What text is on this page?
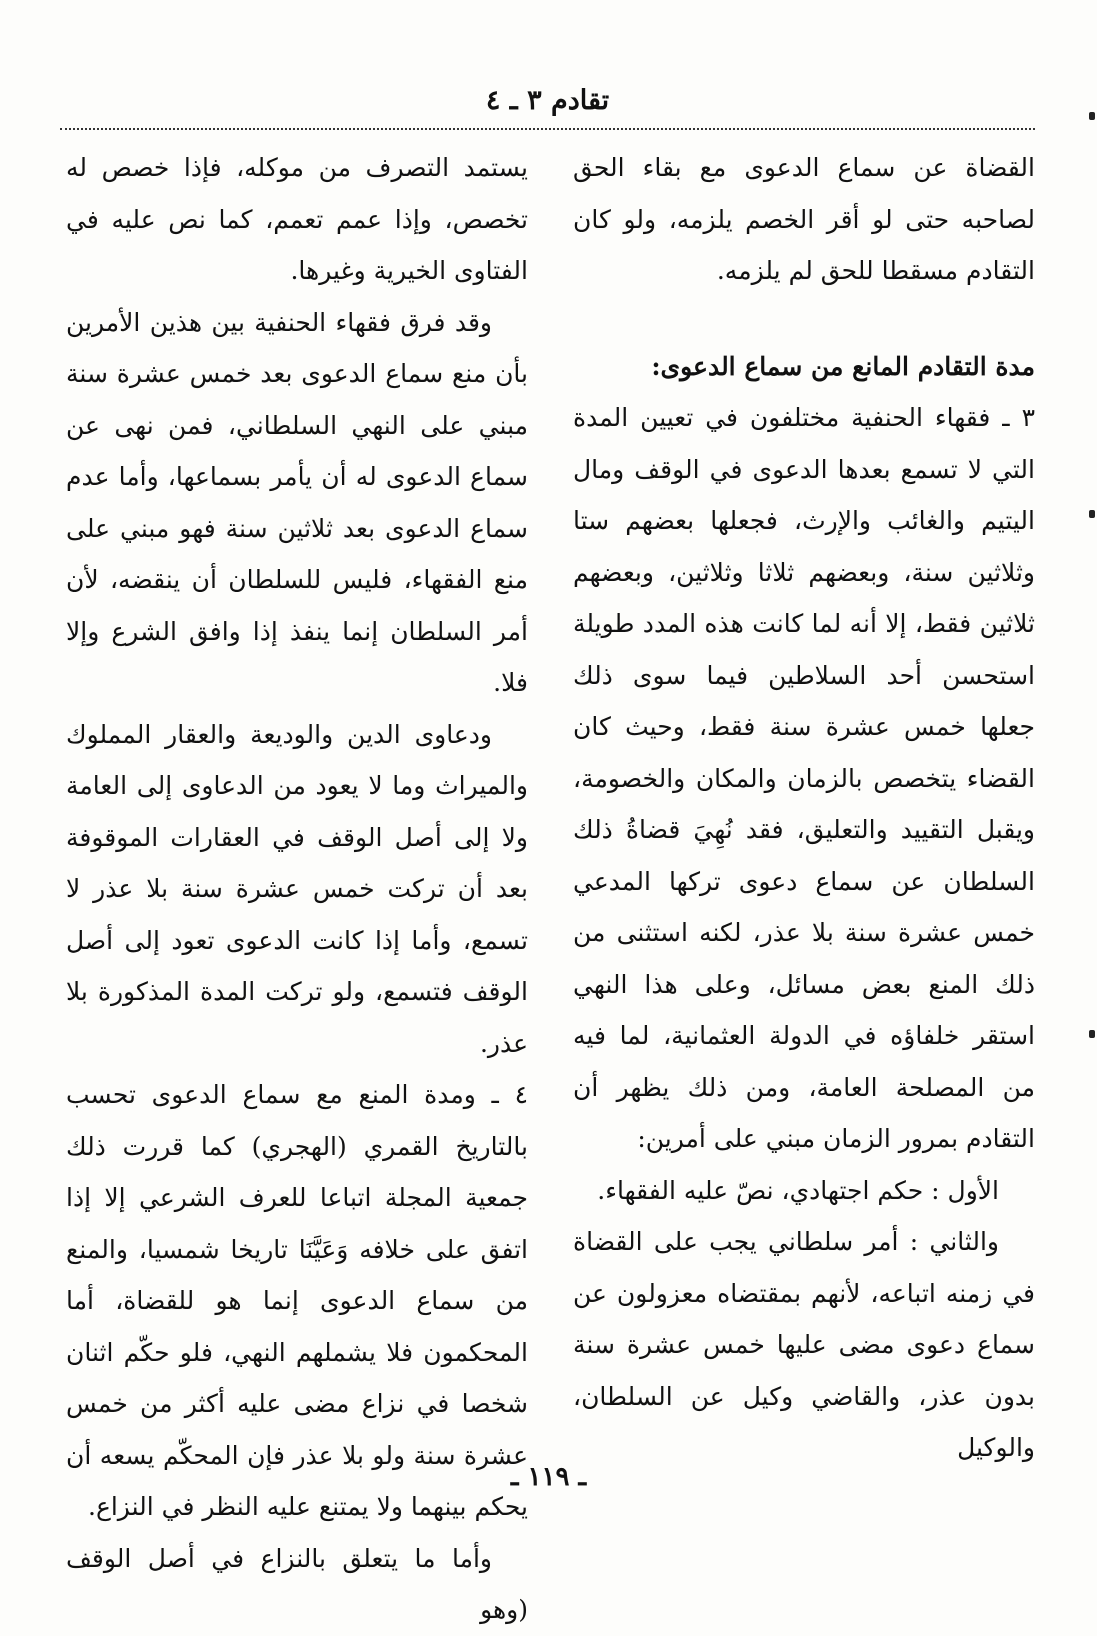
تقادم ٣ ـ ٤

القضاة عن سماع الدعوى مع بقاء الحق لصاحبه حتى لو أقر الخصم يلزمه، ولو كان التقادم مسقطا للحق لم يلزمه.

مدة التقادم المانع من سماع الدعوى:

٣ ـ فقهاء الحنفية مختلفون في تعيين المدة التي لا تسمع بعدها الدعوى في الوقف ومال اليتيم والغائب والإرث، فجعلها بعضهم ستا وثلاثين سنة، وبعضهم ثلاثا وثلاثين، وبعضهم ثلاثين فقط، إلا أنه لما كانت هذه المدد طويلة استحسن أحد السلاطين فيما سوى ذلك جعلها خمس عشرة سنة فقط، وحيث كان القضاء يتخصص بالزمان والمكان والخصومة، ويقبل التقييد والتعليق، فقد نُهِيَ قضاةُ ذلك السلطان عن سماع دعوى تركها المدعي خمس عشرة سنة بلا عذر، لكنه استثنى من ذلك المنع بعض مسائل، وعلى هذا النهي استقر خلفاؤه في الدولة العثمانية، لما فيه من المصلحة العامة، ومن ذلك يظهر أن التقادم بمرور الزمان مبني على أمرين:

الأول : حكم اجتهادي، نصّ عليه الفقهاء.

والثاني : أمر سلطاني يجب على القضاة في زمنه اتباعه، لأنهم بمقتضاه معزولون عن سماع دعوى مضى عليها خمس عشرة سنة بدون عذر، والقاضي وكيل عن السلطان، والوكيل

يستمد التصرف من موكله، فإذا خصص له تخصص، وإذا عمم تعمم، كما نص عليه في الفتاوى الخيرية وغيرها.

وقد فرق فقهاء الحنفية بين هذين الأمرين بأن منع سماع الدعوى بعد خمس عشرة سنة مبني على النهي السلطاني، فمن نهى عن سماع الدعوى له أن يأمر بسماعها، وأما عدم سماع الدعوى بعد ثلاثين سنة فهو مبني على منع الفقهاء، فليس للسلطان أن ينقضه، لأن أمر السلطان إنما ينفذ إذا وافق الشرع وإلا فلا.

ودعاوى الدين والوديعة والعقار المملوك والميراث وما لا يعود من الدعاوى إلى العامة ولا إلى أصل الوقف في العقارات الموقوفة بعد أن تركت خمس عشرة سنة بلا عذر لا تسمع، وأما إذا كانت الدعوى تعود إلى أصل الوقف فتسمع، ولو تركت المدة المذكورة بلا عذر.

٤ ـ ومدة المنع مع سماع الدعوى تحسب بالتاريخ القمري (الهجري) كما قررت ذلك جمعية المجلة اتباعا للعرف الشرعي إلا إذا اتفق على خلافه وَعَيَّنَا تاريخا شمسيا، والمنع من سماع الدعوى إنما هو للقضاة، أما المحكمون فلا يشملهم النهي، فلو حكّم اثنان شخصا في نزاع مضى عليه أكثر من خمس عشرة سنة ولو بلا عذر فإن المحكّم يسعه أن يحكم بينهما ولا يمتنع عليه النظر في النزاع.

وأما ما يتعلق بالنزاع في أصل الوقف (وهو

ـ ١١٩ ـ
